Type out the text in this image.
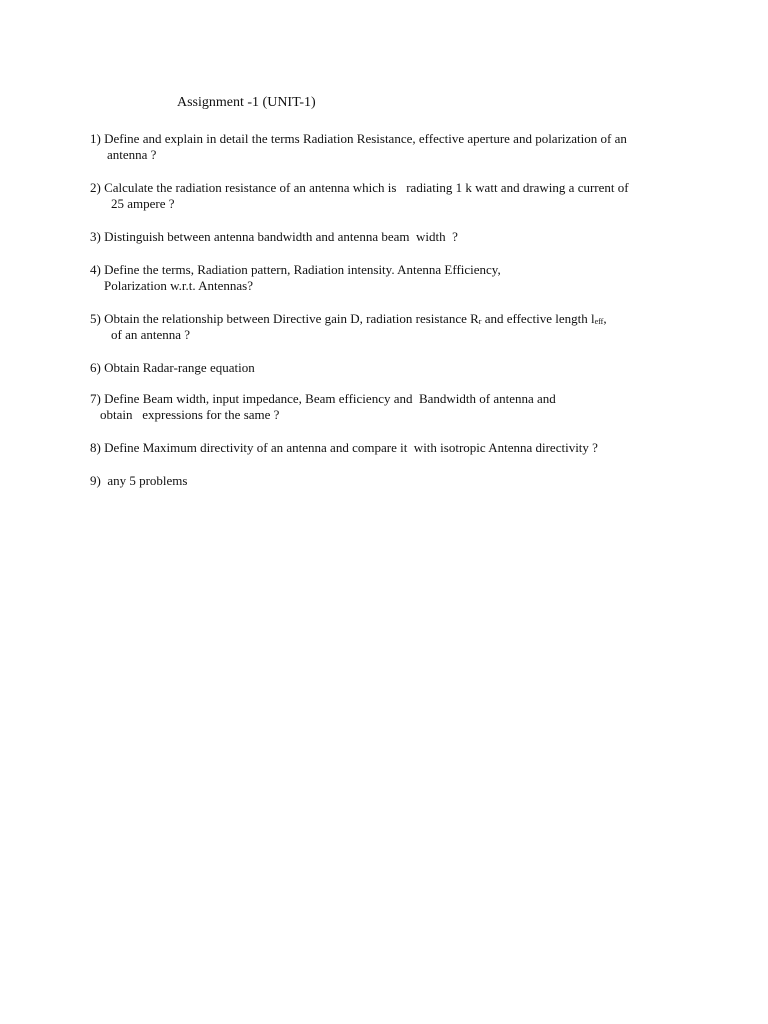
Assignment -1 (UNIT-1)
1) Define and explain in detail the terms Radiation Resistance, effective aperture and polarization of an
antenna ?
2) Calculate the radiation resistance of an antenna which is   radiating 1 k watt and drawing a current of
25 ampere ?
3) Distinguish between antenna bandwidth and antenna beam  width  ?
4) Define the terms, Radiation pattern, Radiation intensity. Antenna Efficiency,
Polarization w.r.t. Antennas?
5) Obtain the relationship between Directive gain D, radiation resistance $R_r$ and effective length $l_{eff}$,
of an antenna ?
6) Obtain Radar-range equation
7) Define Beam width, input impedance, Beam efficiency and  Bandwidth of antenna and
obtain   expressions for the same ?
8) Define Maximum directivity of an antenna and compare it  with isotropic Antenna directivity ?
9)  any 5 problems
